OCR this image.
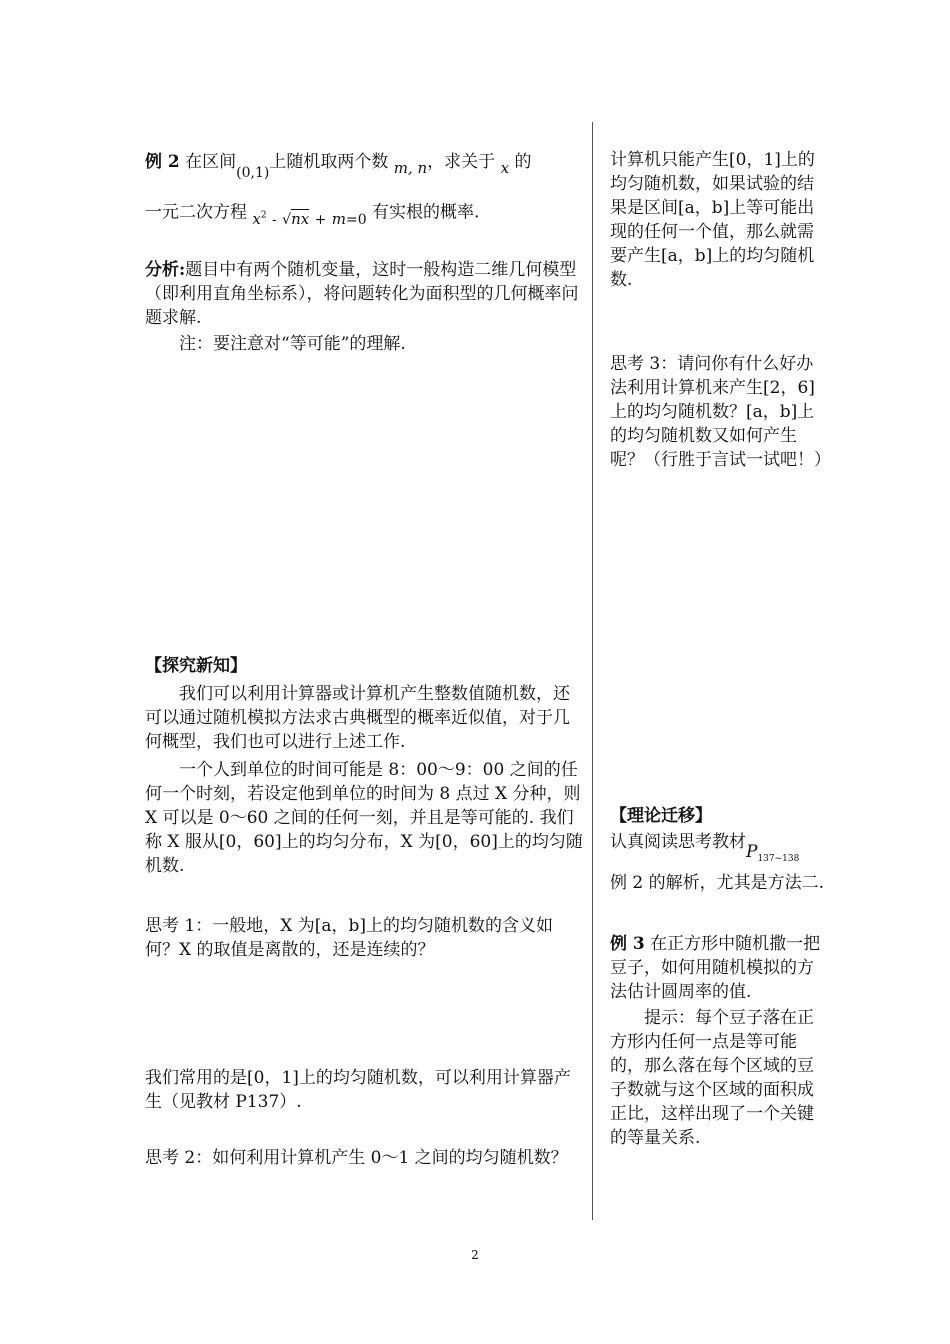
例 2 在区间$_{(0,1)}$上随机取两个数 m, n，求关于 x 的

一元二次方程 $x^2 - √nx + m=0$ 有实根的概率.

分析:题目中有两个随机变量，这时一般构造二维几何模型（即利用直角坐标系），将问题转化为面积型的几何概率问题求解.

注：要注意对“等可能”的理解.

【探究新知】

我们可以利用计算器或计算机产生整数值随机数，还可以通过随机模拟方法求古典概型的概率近似值，对于几何概型，我们也可以进行上述工作.

一个人到单位的时间可能是 8：00～9：00 之间的任何一个时刻，若设定他到单位的时间为 8 点过 X 分种，则 X 可以是 0～60 之间的任何一刻，并且是等可能的. 我们称 X 服从[0，60]上的均匀分布，X 为[0，60]上的均匀随机数.

思考 1：一般地，X 为[a，b]上的均匀随机数的含义如何？X 的取值是离散的，还是连续的？
我们常用的是[0，1]上的均匀随机数，可以利用计算器产生（见教材 P137）.
思考 2：如何利用计算机产生 0～1 之间的均匀随机数？
计算机只能产生[0，1]上的均匀随机数，如果试验的结果是区间[a，b]上等可能出现的任何一个值，那么就需要产生[a，b]上的均匀随机数.
思考 3：请问你有什么好办法利用计算机来产生[2，6]上的均匀随机数？[a，b]上的均匀随机数又如何产生呢？（行胜于言试一试吧！）

【理论迁移】

认真阅读思考教材$P_{137\sim 138}$

例 2 的解析，尤其是方法二.

例 3 在正方形中随机撒一把豆子，如何用随机模拟的方法估计圆周率的值.

提示：每个豆子落在正方形内任何一点是等可能的，那么落在每个区域的豆子数就与这个区域的面积成正比，这样出现了一个关键的等量关系.

2
